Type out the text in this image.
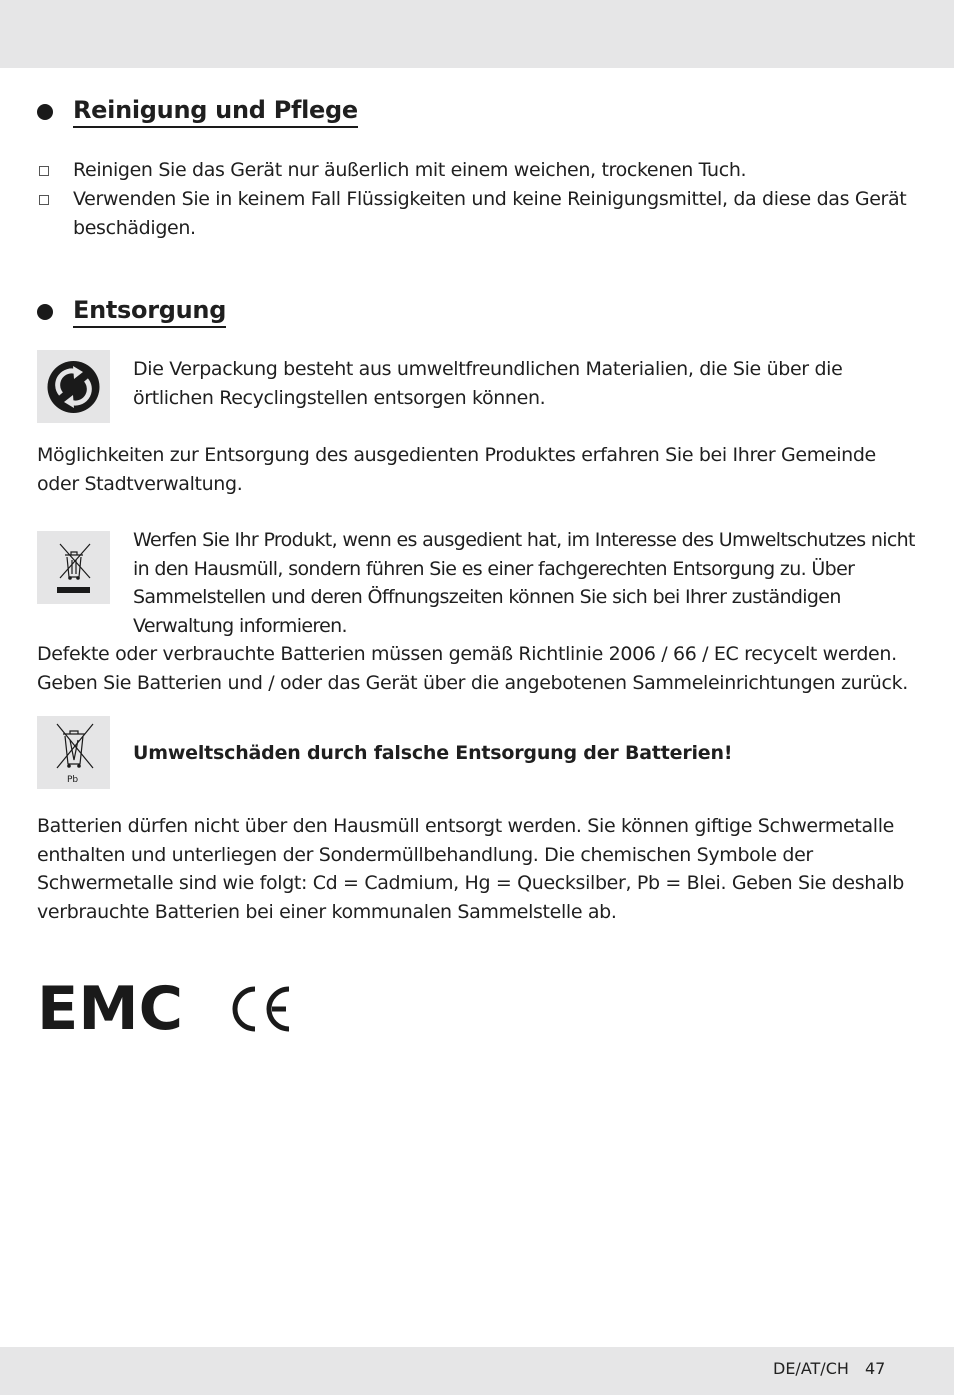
Reinigung und Pflege
Reinigen Sie das Gerät nur äußerlich mit einem weichen, trockenen Tuch.
Verwenden Sie in keinem Fall Flüssigkeiten und keine Reinigungsmittel, da diese das Gerät beschädigen.
Entsorgung
Die Verpackung besteht aus umweltfreundlichen Materialien, die Sie über die örtlichen Recyclingstellen entsorgen können.
Möglichkeiten zur Entsorgung des ausgedienten Produktes erfahren Sie bei Ihrer Gemeinde oder Stadtverwaltung.
Werfen Sie Ihr Produkt, wenn es ausgedient hat, im Interesse des Umweltschutzes nicht in den Hausmüll, sondern führen Sie es einer fachgerechten Entsorgung zu. Über Sammelstellen und deren Öffnungszeiten können Sie sich bei Ihrer zuständigen Verwaltung informieren.
Defekte oder verbrauchte Batterien müssen gemäß Richtlinie 2006 / 66 / EC recycelt werden. Geben Sie Batterien und / oder das Gerät über die angebotenen Sammeleinrichtungen zurück.
Pb
Umweltschäden durch falsche Entsorgung der Batterien!
Batterien dürfen nicht über den Hausmüll entsorgt werden. Sie können giftige Schwermetalle enthalten und unterliegen der Sondermüllbehandlung. Die chemischen Symbole der Schwermetalle sind wie folgt: Cd = Cadmium, Hg = Quecksilber, Pb = Blei. Geben Sie deshalb verbrauchte Batterien bei einer kommunalen Sammelstelle ab.
EMC
DE/AT/CH 47
